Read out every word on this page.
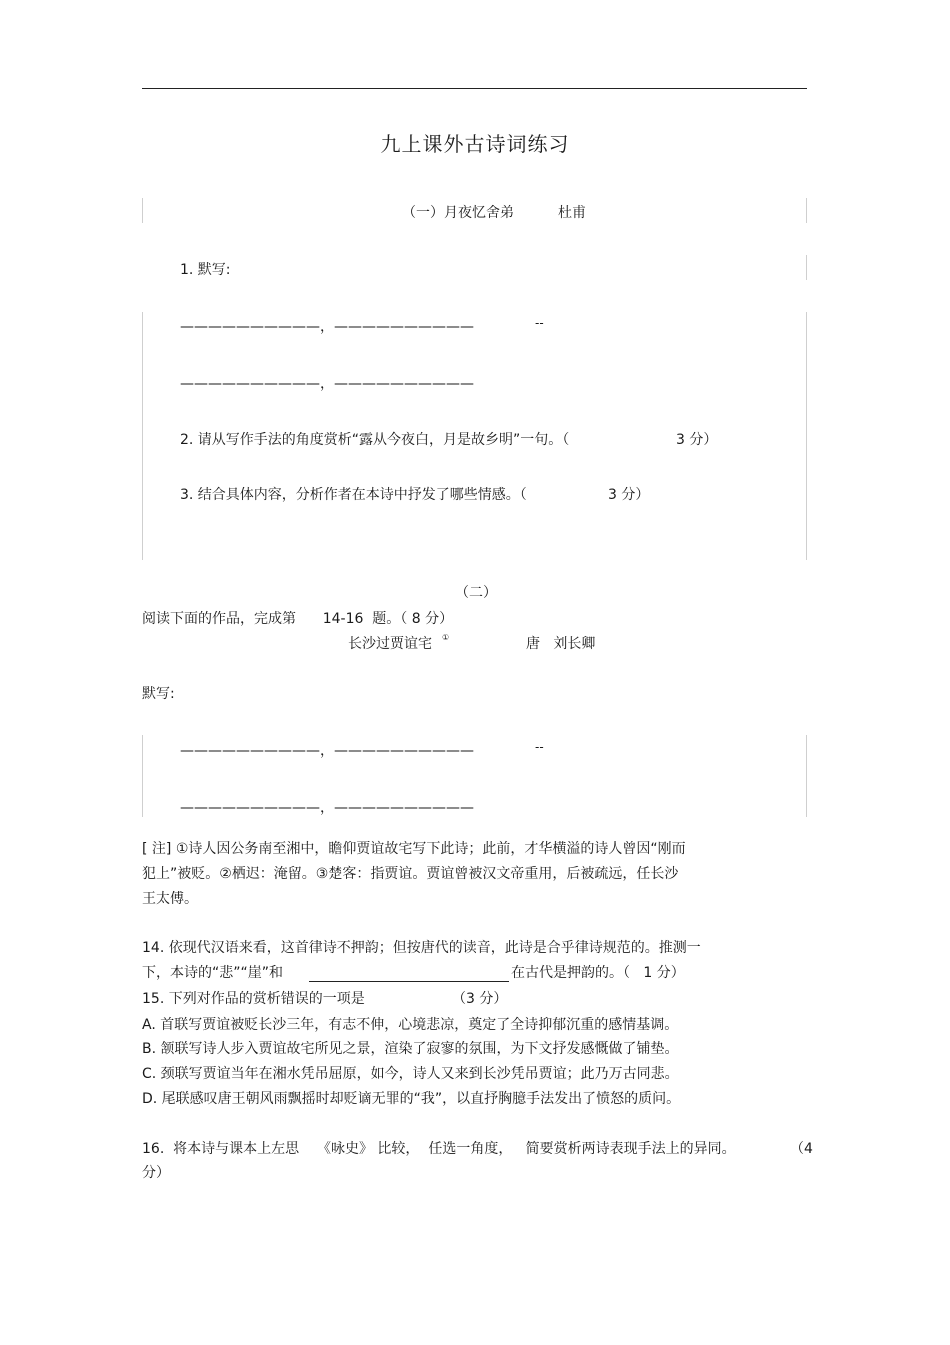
九上课外古诗词练习
（一）月夜忆舍弟	杜甫
1. 默写:
——————————，——————————	--
——————————，——————————
2. 请从写作手法的角度赏析“露从今夜白，月是故乡明”一句。（	3 分）
3. 结合具体内容，分析作者在本诗中抒发了哪些情感。（	3 分）
（二）
阅读下面的作品，完成第      14-16  题。（ 8 分）
长沙过贾谊宅 ①	唐   刘长卿
默写:
——————————，——————————	--
——————————，——————————
[ 注] ①诗人因公务南至湘中，瞻仰贾谊故宅写下此诗；此前，才华横溢的诗人曾因“刚而
犯上”被贬。②栖迟：淹留。③楚客：指贾谊。贾谊曾被汉文帝重用，后被疏远，任长沙
王太傅。
14. 依现代汉语来看，这首律诗不押韵；但按唐代的读音，此诗是合乎律诗规范的。推测一
下，本诗的“悲”“崖”和	在古代是押韵的。（   1 分）
15. 下列对作品的赏析错误的一项是	（3 分）
A. 首联写贾谊被贬长沙三年，有志不伸，心境悲凉，奠定了全诗抑郁沉重的感情基调。
B. 颔联写诗人步入贾谊故宅所见之景，渲染了寂寥的氛围，为下文抒发感慨做了铺垫。
C. 颈联写贾谊当年在湘水凭吊屈原，如今，诗人又来到长沙凭吊贾谊；此乃万古同悲。
D. 尾联感叹唐王朝风雨飘摇时却贬谪无罪的“我”，以直抒胸臆手法发出了愤怒的质问。
16.  将本诗与课本上左思    《咏史》 比较，  任选一角度，   简要赏析两诗表现手法上的异同。	（4
分）
